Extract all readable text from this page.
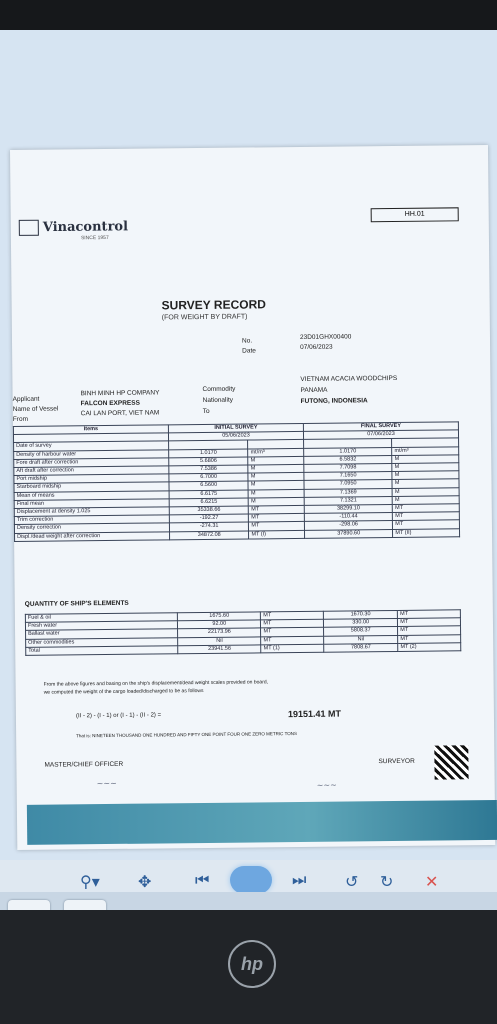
Vinacontrol
SINCE 1957
HH.01
SURVEY RECORD
(FOR WEIGHT BY DRAFT)
No.
23D01GHX00400
Date
07/06/2023
Applicant
BINH MINH HP COMPANY
Name of Vessel
FALCON EXPRESS
From
CAI LAN PORT, VIET NAM
Commodity
VIETNAM ACACIA WOODCHIPS
Nationality
PANAMA
To
FUTONG, INDONESIA
Items	INITIAL SURVEY		FINAL SURVEY	
	05/06/2023		07/06/2023	
Date of survey				
Density of harbour water	1.0170	mt/m³	1.0170	mt/m³
Fore draft after correction	5.6806	M	6.5832	M
Aft draft after correction	7.5386	M	7.7098	M
Port midship	6.7000	M	7.1650	M
Starboard midship	6.5600	M	7.0950	M
Mean of means	6.6175	M	7.1369	M
Final mean	6.6215	M	7.1321	M
Displacement at density 1.025	35338.66	MT	38299.10	MT
Trim correction	-192.27	MT	-110.44	MT
Density correction	-274.31	MT	-298.06	MT
Displ./dead weight after correction	34872.08	MT (I)	37890.60	MT (II)
QUANTITY OF SHIP'S ELEMENTS
Fuel & oil	1675.60	MT	1670.30	MT
Fresh water	92.00	MT	330.00	MT
Ballast water	22173.96	MT	5808.37	MT
Other commodities	Nil	MT	Nil	MT
Total	23941.56	MT (1)	7808.67	MT (2)
From the above figures and basing on the ship's displacement/dead weight scales provided on board,
we computed the weight of the cargo loaded/discharged to be as follows
(II - 2) - (I - 1) or (I - 1) - (II - 2) =	19151.41 MT
That is: NINETEEN THOUSAND ONE HUNDRED AND FIFTY ONE POINT FOUR ONE ZERO METRIC TONS
MASTER/CHIEF OFFICER	SURVEYOR
~~~	~~~
⚲▾ ✥	⏮	⏭ ↺ ↻ ✕
hp
